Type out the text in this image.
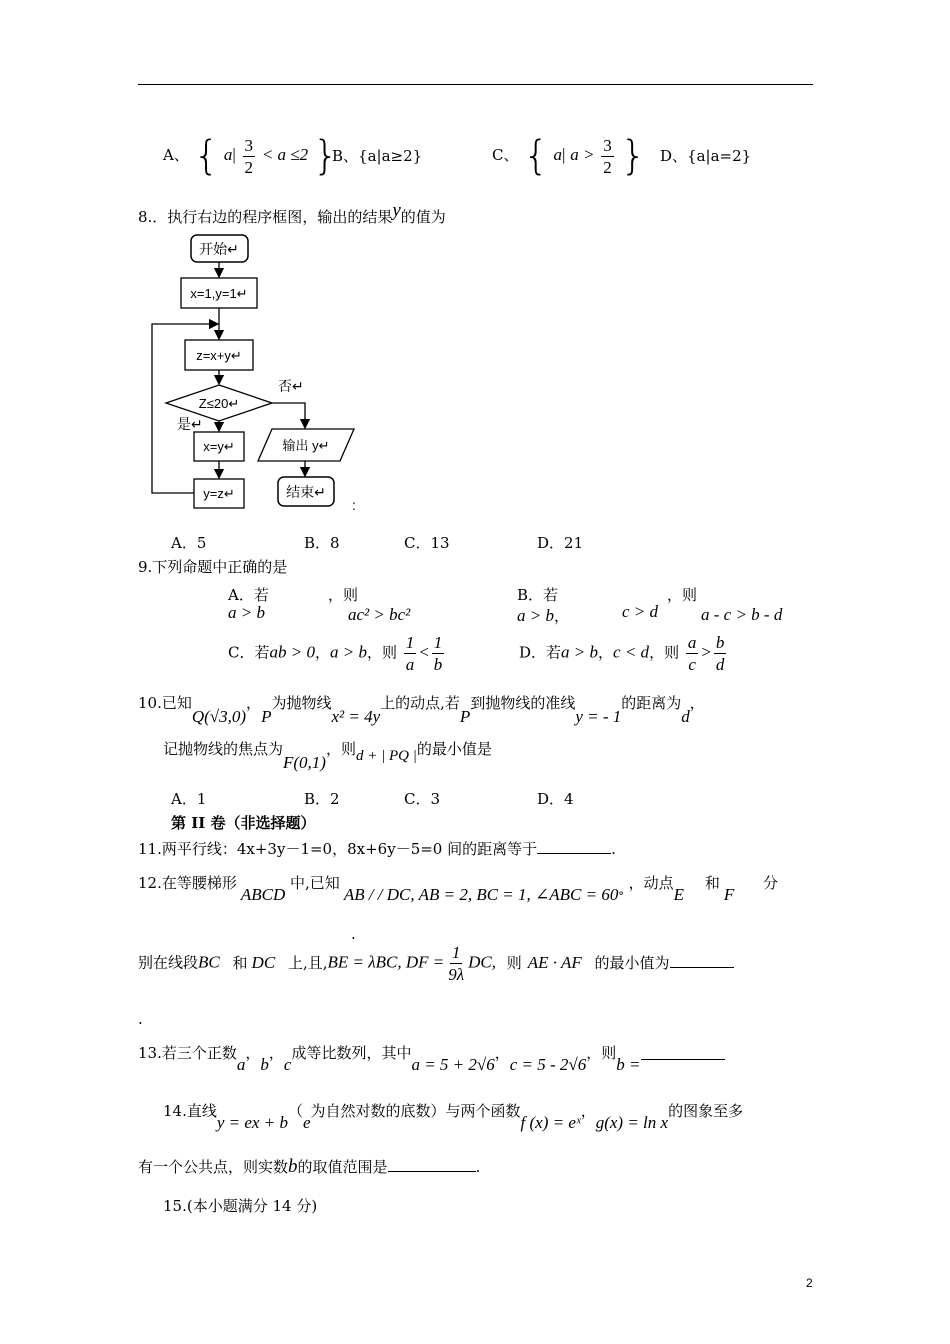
A、 { $a| \frac{3}{2} < a \le 2$ }
B、{a|a≥2}	C、 { a| $a > \frac{3}{2}$ } D、{a|a=2}
8.．执行右边的程序框图，输出的结果y的值为
开始↵
x=1,y=1↵
z=x+y↵
Z≤20↵
否↵
是↵
x=y↵
y=z↵
输出 y↵
结束↵
:
A．5	B．8	C．13	D．21
9.下列命题中正确的是
A．若
a > b
，则
ac² > bc²
B．若
a > b，	c > d
，则
a - c > b - d
C．若ab > 0，a > b，则 $\frac{1}{a} < \frac{1}{b}$	D．若a > b，c < d，则 $\frac{a}{c} > \frac{b}{d}$
10.已知Q(√3,0)，P为抛物线x² = 4y上的动点,若P到抛物线的准线y = - 1的距离为d，
记抛物线的焦点为F(0,1)，则d + | PQ |的最小值是
A．1	B．2	C．3	D．4
第 II 卷（非选择题）
11.两平行线：4x+3y－1=0，8x+6y－5=0 间的距离等于	.
12.在等腰梯形ABCD 中,已知AB / / DC, AB = 2, BC = 1, ∠ABC = $60^\circ$ ，动点E 和F 分
.
别在线段BC 和 DC 上,且,BE = λBC, DF = $\frac{1}{9\lambda}$ DC, 则 AE · AF 的最小值为
.
13.若三个正数a，b，c成等比数列，其中a = 5 + 2√6，c = 5 - 2√6，则b =
14.直线y = ex + b（e为自然对数的底数）与两个函数f (x) = eˣ，g(x) = ln x的图象至多
有一个公共点，则实数b的取值范围是	.
15.(本小题满分 14 分)
2
